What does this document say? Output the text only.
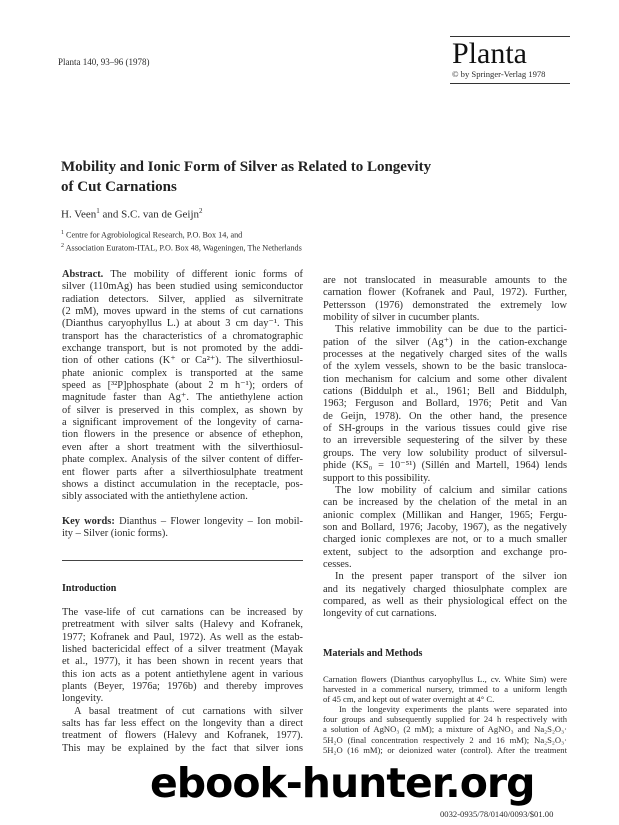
Planta 140, 93–96 (1978)	Planta
© by Springer-Verlag 1978
Mobility and Ionic Form of Silver as Related to Longevity
of Cut Carnations
H. Veen$^1$ and S.C. van de Geijn$^2$
$^1$ Centre for Agrobiological Research, P.O. Box 14, and
$^2$ Association Euratom-ITAL, P.O. Box 48, Wageningen, The Netherlands
Abstract. The mobility of different ionic forms of
silver (110mAg) has been studied using semiconductor
radiation detectors. Silver, applied as silvernitrate
(2 mM), moves upward in the stems of cut carnations
(Dianthus caryophyllus L.) at about 3 cm day⁻¹. This
transport has the characteristics of a chromatographic
exchange transport, but is not promoted by the addi-
tion of other cations (K⁺ or Ca²⁺). The silverthiosul-
phate anionic complex is transported at the same
speed as [³²P]phosphate (about 2 m h⁻¹); orders of
magnitude faster than Ag⁺. The antiethylene action
of silver is preserved in this complex, as shown by
a significant improvement of the longevity of carna-
tion flowers in the presence or absence of ethephon,
even after a short treatment with the silverthiosul-
phate complex. Analysis of the silver content of differ-
ent flower parts after a silverthiosulphate treatment
shows a distinct accumulation in the receptacle, pos-
sibly associated with the antiethylene action.
Key words: Dianthus – Flower longevity – Ion mobil-
ity – Silver (ionic forms).
Introduction
The vase-life of cut carnations can be increased by
pretreatment with silver salts (Halevy and Kofranek,
1977; Kofranek and Paul, 1972). As well as the estab-
lished bactericidal effect of a silver treatment (Mayak
et al., 1977), it has been shown in recent years that
this ion acts as a potent antiethylene agent in various
plants (Beyer, 1976a; 1976b) and thereby improves
longevity.
A basal treatment of cut carnations with silver
salts has far less effect on the longevity than a direct
treatment of flowers (Halevy and Kofranek, 1977).
This may be explained by the fact that silver ions
are not translocated in measurable amounts to the
carnation flower (Kofranek and Paul, 1972). Further,
Pettersson (1976) demonstrated the extremely low
mobility of silver in cucumber plants.
This relative immobility can be due to the partici-
pation of the silver (Ag⁺) in the cation-exchange
processes at the negatively charged sites of the walls
of the xylem vessels, shown to be the basic transloca-
tion mechanism for calcium and some other divalent
cations (Biddulph et al., 1961; Bell and Biddulph,
1963; Ferguson and Bollard, 1976; Petit and Van
de Geijn, 1978). On the other hand, the presence
of SH-groups in the various tissues could give rise
to an irreversible sequestering of the silver by these
groups. The very low solubility product of silversul-
phide (KS₀ = 10⁻⁵¹) (Sillén and Martell, 1964) lends
support to this possibility.
The low mobility of calcium and similar cations
can be increased by the chelation of the metal in an
anionic complex (Millikan and Hanger, 1965; Fergu-
son and Bollard, 1976; Jacoby, 1967), as the negatively
charged ionic complexes are not, or to a much smaller
extent, subject to the adsorption and exchange pro-
cesses.
In the present paper transport of the silver ion
and its negatively charged thiosulphate complex are
compared, as well as their physiological effect on the
longevity of cut carnations.
Materials and Methods
Carnation flowers (Dianthus caryophyllus L., cv. White Sim) were
harvested in a commerical nursery, trimmed to a uniform length
of 45 cm, and kept out of water overnight at 4° C.
In the longevity experiments the plants were separated into
four groups and subsequently supplied for 24 h respectively with
a solution of AgNO₃ (2 mM); a mixture of AgNO₃ and Na₂S₂O₃·
5H₂O (final concentration respectively 2 and 16 mM); Na₂S₂O₃·
5H₂O (16 mM); or deionized water (control). After the treatment
ebook-hunter.org
0032-0935/78/0140/0093/$01.00
